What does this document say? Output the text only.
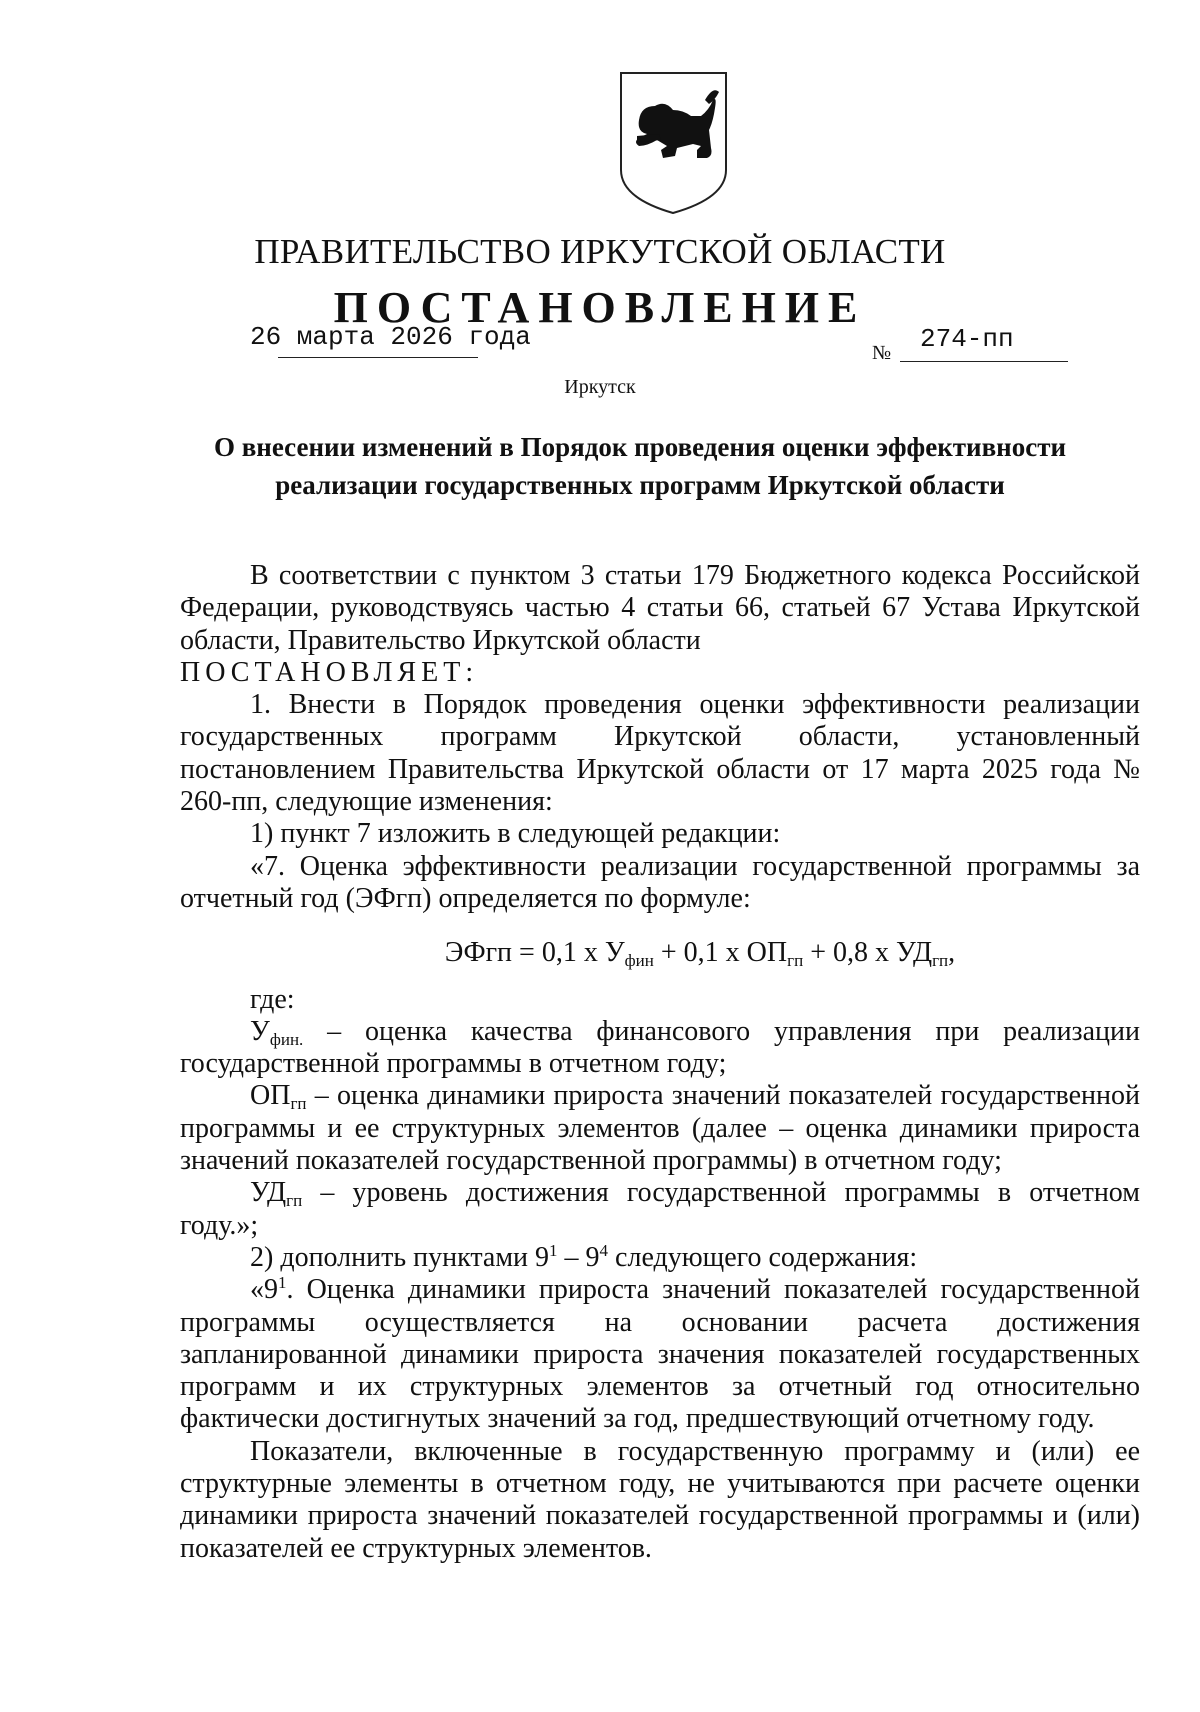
ПРАВИТЕЛЬСТВО ИРКУТСКОЙ ОБЛАСТИ
ПОСТАНОВЛЕНИЕ
26 марта 2026 года
№ 274-пп
Иркутск
О внесении изменений в Порядок проведения оценки эффективности
реализации государственных программ Иркутской области

В соответствии с пунктом 3 статьи 179 Бюджетного кодекса Российской Федерации, руководствуясь частью 4 статьи 66, статьей 67 Устава Иркутской области, Правительство Иркутской области

ПОСТАНОВЛЯЕТ:

1. Внести в Порядок проведения оценки эффективности реализации государственных программ Иркутской области, установленный постановлением Правительства Иркутской области от 17 марта 2025 года № 260-пп, следующие изменения:

1) пункт 7 изложить в следующей редакции:

«7. Оценка эффективности реализации государственной программы за отчетный год (ЭФгп) определяется по формуле:

ЭФгп = 0,1 х $У_{фин} + 0,1$ х $ОП_{гп} + 0,8$ х $УД_{гп}$,

где:

$У_{фин.}$ – оценка качества финансового управления при реализации государственной программы в отчетном году;

$ОП_{гп}$ – оценка динамики прироста значений показателей государственной программы и ее структурных элементов (далее – оценка динамики прироста значений показателей государственной программы) в отчетном году;

$УД_{гп}$ – уровень достижения государственной программы в отчетном году.»;

2) дополнить пунктами $9^1 - 9^4$ следующего содержания:

«$9^1$. Оценка динамики прироста значений показателей государственной программы осуществляется на основании расчета достижения запланированной динамики прироста значения показателей государственных программ и их структурных элементов за отчетный год относительно фактически достигнутых значений за год, предшествующий отчетному году.

Показатели, включенные в государственную программу и (или) ее структурные элементы в отчетном году, не учитываются при расчете оценки динамики прироста значений показателей государственной программы и (или) показателей ее структурных элементов.
